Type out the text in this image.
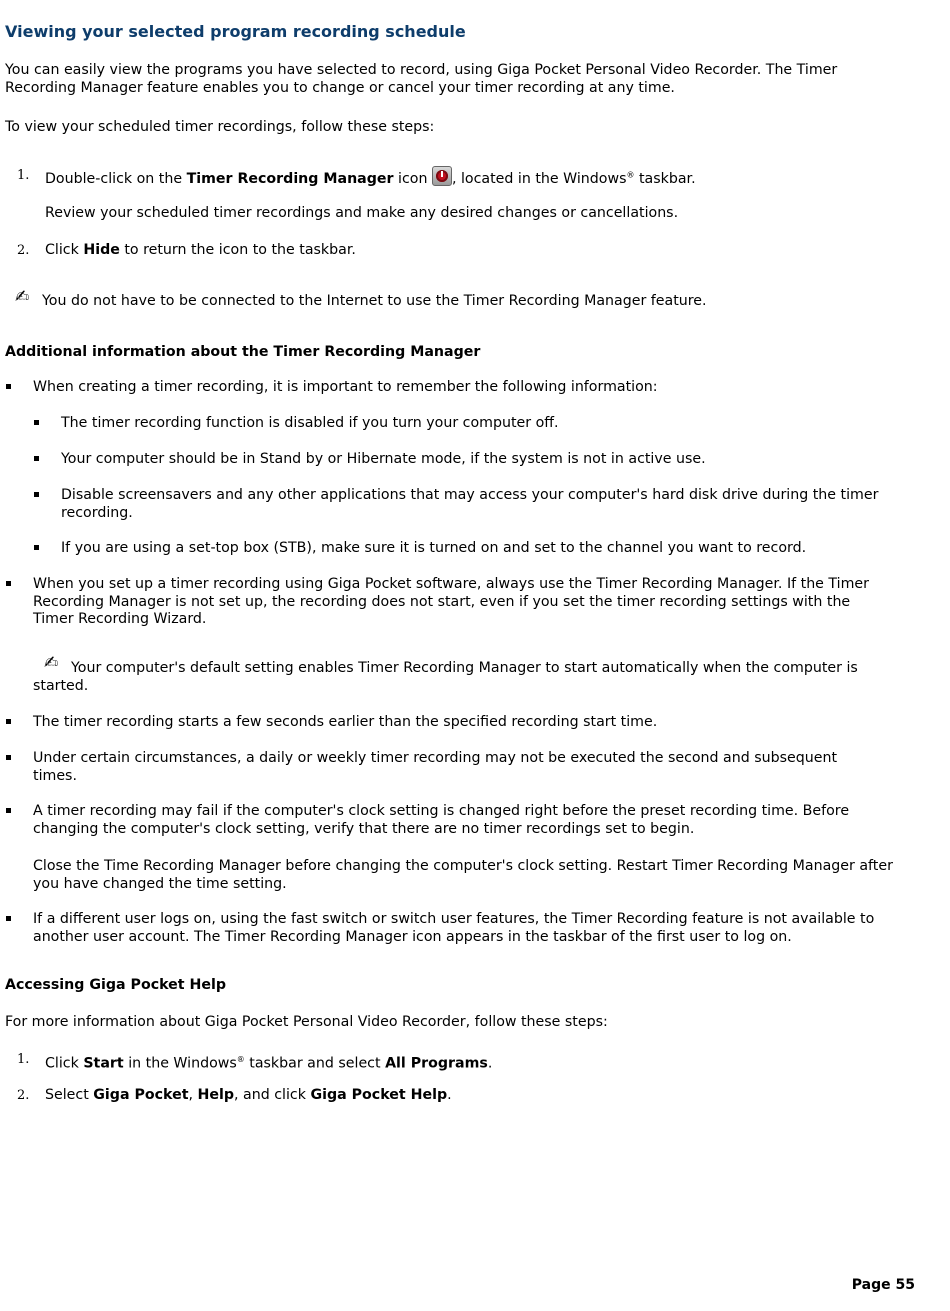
Viewing your selected program recording schedule
You can easily view the programs you have selected to record, using Giga Pocket Personal Video Recorder. The Timer Recording Manager feature enables you to change or cancel your timer recording at any time.
To view your scheduled timer recordings, follow these steps:
1. Double-click on the Timer Recording Manager icon
, located in the Windows® taskbar.
Review your scheduled timer recordings and make any desired changes or cancellations.
2. Click Hide to return the icon to the taskbar.
✍ You do not have to be connected to the Internet to use the Timer Recording Manager feature.
Additional information about the Timer Recording Manager
When creating a timer recording, it is important to remember the following information:
The timer recording function is disabled if you turn your computer off.
Your computer should be in Stand by or Hibernate mode, if the system is not in active use.
Disable screensavers and any other applications that may access your computer's hard disk drive during the timer recording.
If you are using a set-top box (STB), make sure it is turned on and set to the channel you want to record.
When you set up a timer recording using Giga Pocket software, always use the Timer Recording Manager. If the Timer Recording Manager is not set up, the recording does not start, even if you set the timer recording settings with the Timer Recording Wizard.
✍ Your computer's default setting enables Timer Recording Manager to start automatically when the computer is started.
The timer recording starts a few seconds earlier than the specified recording start time.
Under certain circumstances, a daily or weekly timer recording may not be executed the second and subsequent times.
A timer recording may fail if the computer's clock setting is changed right before the preset recording time. Before changing the computer's clock setting, verify that there are no timer recordings set to begin.
Close the Time Recording Manager before changing the computer's clock setting. Restart Timer Recording Manager after you have changed the time setting.
If a different user logs on, using the fast switch or switch user features, the Timer Recording feature is not available to another user account. The Timer Recording Manager icon appears in the taskbar of the first user to log on.
Accessing Giga Pocket Help
For more information about Giga Pocket Personal Video Recorder, follow these steps:
1. Click Start in the Windows® taskbar and select All Programs.
2. Select Giga Pocket, Help, and click Giga Pocket Help.
Page 55
